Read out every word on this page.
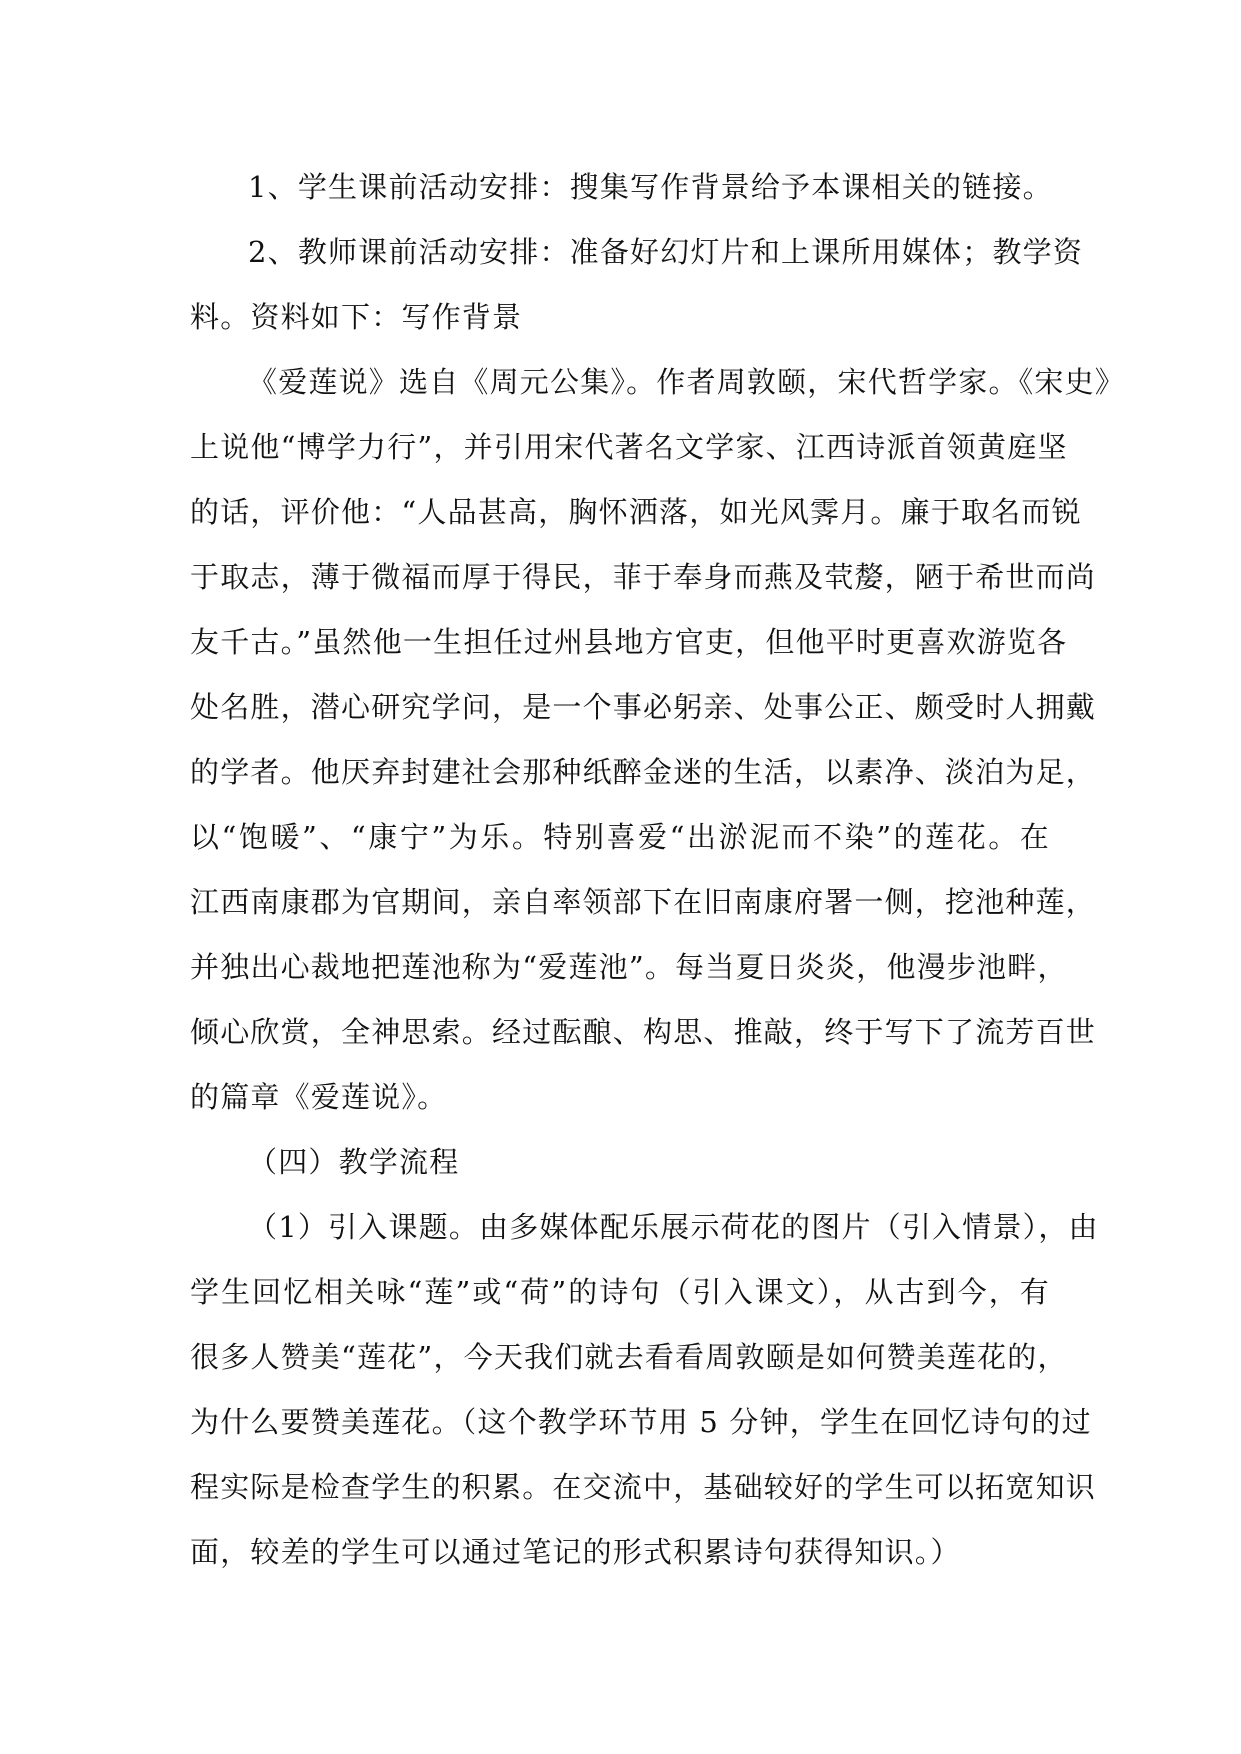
1、学生课前活动安排：搜集写作背景给予本课相关的链接。
2、教师课前活动安排：准备好幻灯片和上课所用媒体；教学资
料。资料如下：写作背景
《爱莲说》选自《周元公集》。作者周敦颐，宋代哲学家。《宋史》
上说他“博学力行”，并引用宋代著名文学家、江西诗派首领黄庭坚
的话，评价他：“人品甚高，胸怀洒落，如光风霁月。廉于取名而锐
于取志，薄于微福而厚于得民，菲于奉身而燕及茕嫠，陋于希世而尚
友千古。”虽然他一生担任过州县地方官吏，但他平时更喜欢游览各
处名胜，潜心研究学问，是一个事必躬亲、处事公正、颇受时人拥戴
的学者。他厌弃封建社会那种纸醉金迷的生活，以素净、淡泊为足，
以“饱暖”、“康宁”为乐。特别喜爱“出淤泥而不染”的莲花。在
江西南康郡为官期间，亲自率领部下在旧南康府署一侧，挖池种莲，
并独出心裁地把莲池称为“爱莲池”。每当夏日炎炎，他漫步池畔，
倾心欣赏，全神思索。经过酝酿、构思、推敲，终于写下了流芳百世
的篇章《爱莲说》。
（四）教学流程
（1）引入课题。由多媒体配乐展示荷花的图片（引入情景），由
学生回忆相关咏“莲”或“荷”的诗句（引入课文），从古到今，有
很多人赞美“莲花”，今天我们就去看看周敦颐是如何赞美莲花的，
为什么要赞美莲花。（这个教学环节用 5 分钟，学生在回忆诗句的过
程实际是检查学生的积累。在交流中，基础较好的学生可以拓宽知识
面，较差的学生可以通过笔记的形式积累诗句获得知识。）
